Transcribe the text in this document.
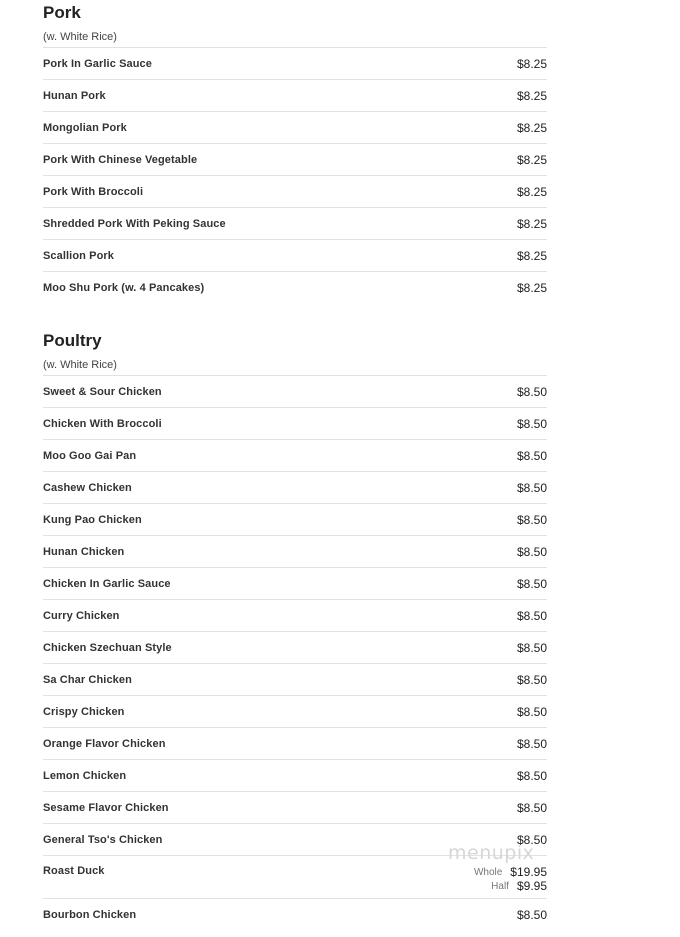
Pork
(w. White Rice)
Pork In Garlic Sauce	$8.25
Hunan Pork	$8.25
Mongolian Pork	$8.25
Pork With Chinese Vegetable	$8.25
Pork With Broccoli	$8.25
Shredded Pork With Peking Sauce	$8.25
Scallion Pork	$8.25
Moo Shu Pork (w. 4 Pancakes)	$8.25
Poultry
(w. White Rice)
Sweet & Sour Chicken	$8.50
Chicken With Broccoli	$8.50
Moo Goo Gai Pan	$8.50
Cashew Chicken	$8.50
Kung Pao Chicken	$8.50
Hunan Chicken	$8.50
Chicken In Garlic Sauce	$8.50
Curry Chicken	$8.50
Chicken Szechuan Style	$8.50
Sa Char Chicken	$8.50
Crispy Chicken	$8.50
Orange Flavor Chicken	$8.50
Lemon Chicken	$8.50
Sesame Flavor Chicken	$8.50
General Tso's Chicken	$8.50
Roast Duck	Whole $19.95
Half $9.95
Bourbon Chicken	$8.50
menupix
